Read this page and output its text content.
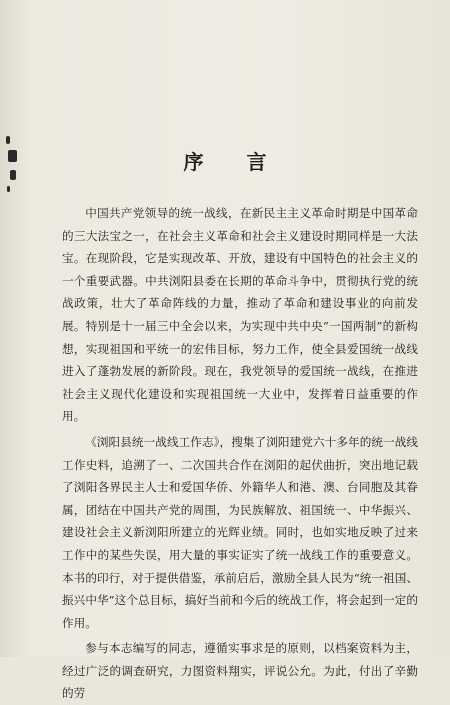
序 言

中国共产党领导的统一战线，在新民主主义革命时期是中国革命的三大法宝之一，在社会主义革命和社会主义建设时期同样是一大法宝。在现阶段，它是实现改革、开放，建设有中国特色的社会主义的一个重要武器。中共浏阳县委在长期的革命斗争中，贯彻执行党的统战政策，壮大了革命阵线的力量，推动了革命和建设事业的向前发展。特别是十一届三中全会以来，为实现中共中央“一国两制”的新构想，实现祖国和平统一的宏伟目标，努力工作，使全县爱国统一战线进入了蓬勃发展的新阶段。现在，我党领导的爱国统一战线，在推进社会主义现代化建设和实现祖国统一大业中，发挥着日益重要的作用。

《浏阳县统一战线工作志》，搜集了浏阳建党六十多年的统一战线工作史料，追溯了一、二次国共合作在浏阳的起伏曲折，突出地记载了浏阳各界民主人士和爱国华侨、外籍华人和港、澳、台同胞及其眷属，团结在中国共产党的周围，为民族解放、祖国统一、中华振兴、建设社会主义新浏阳所建立的光辉业绩。同时，也如实地反映了过来工作中的某些失误，用大量的事实证实了统一战线工作的重要意义。本书的印行，对于提供借鉴，承前启后，激励全县人民为“统一祖国、振兴中华”这个总目标，搞好当前和今后的统战工作，将会起到一定的作用。

参与本志编写的同志，遵循实事求是的原则，以档案资料为主，经过广泛的调查研究，力图资料翔实，评说公允。为此，付出了辛勤的劳
